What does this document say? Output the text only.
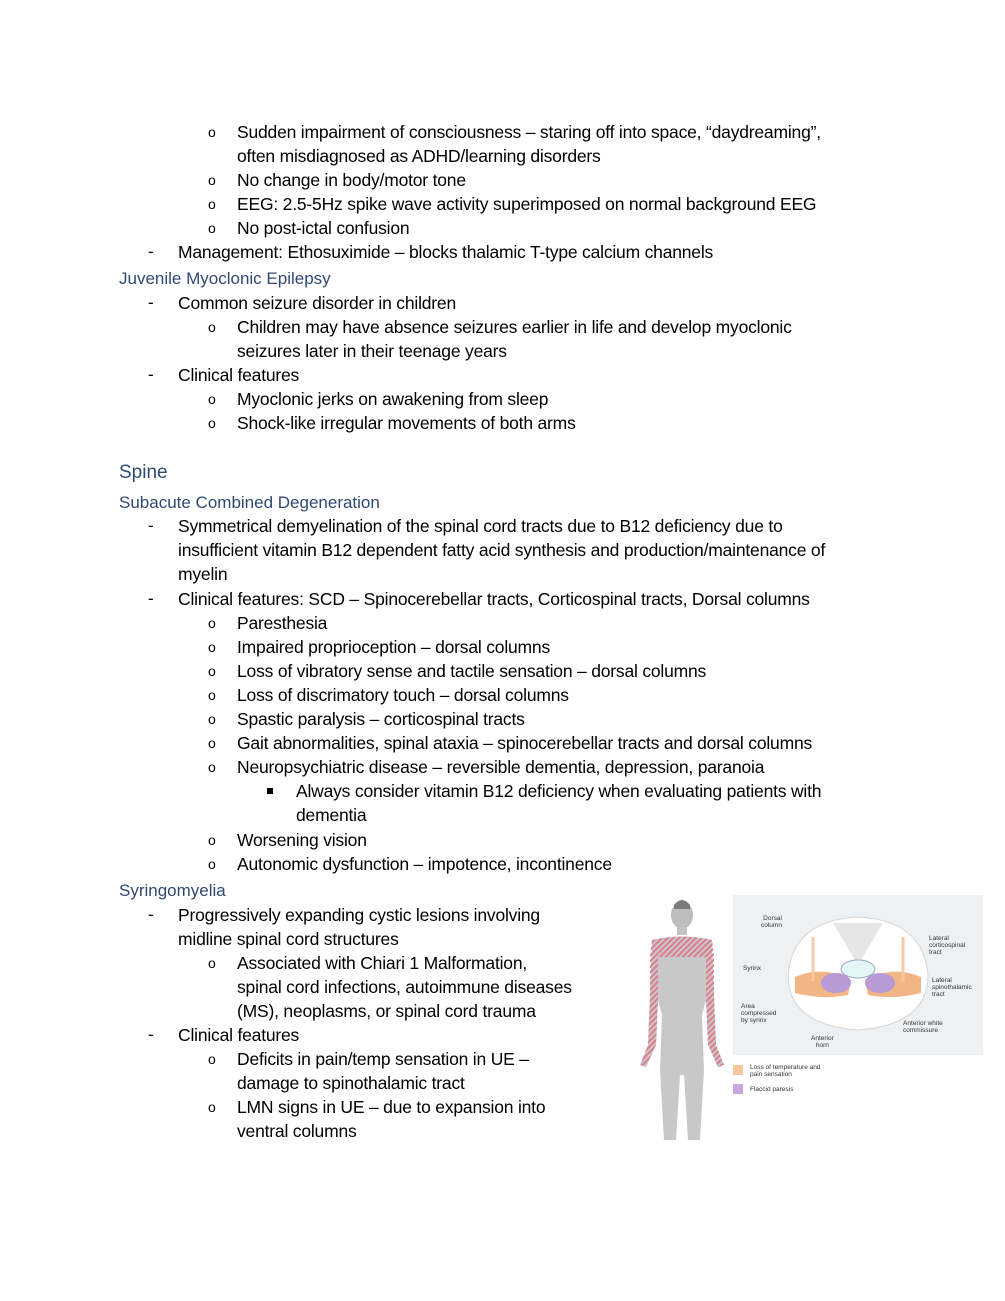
o Sudden impairment of consciousness – staring off into space, “daydreaming”,
often misdiagnosed as ADHD/learning disorders
o No change in body/motor tone
o EEG: 2.5-5Hz spike wave activity superimposed on normal background EEG
o No post-ictal confusion
-	Management: Ethosuximide – blocks thalamic T-type calcium channels
Juvenile Myoclonic Epilepsy
-	Common seizure disorder in children
o Children may have absence seizures earlier in life and develop myoclonic
seizures later in their teenage years
-	Clinical features
o Myoclonic jerks on awakening from sleep
o Shock-like irregular movements of both arms
Spine
Subacute Combined Degeneration
-	Symmetrical demyelination of the spinal cord tracts due to B12 deficiency due to
insufficient vitamin B12 dependent fatty acid synthesis and production/maintenance of
myelin
-	Clinical features: SCD – Spinocerebellar tracts, Corticospinal tracts, Dorsal columns
o Paresthesia
o Impaired proprioception – dorsal columns
o Loss of vibratory sense and tactile sensation – dorsal columns
o Loss of discrimatory touch – dorsal columns
o Spastic paralysis – corticospinal tracts
o Gait abnormalities, spinal ataxia – spinocerebellar tracts and dorsal columns
o Neuropsychiatric disease – reversible dementia, depression, paranoia
Always consider vitamin B12 deficiency when evaluating patients with
dementia
o Worsening vision
o Autonomic dysfunction – impotence, incontinence
Syringomyelia
-	Progressively expanding cystic lesions involving
midline spinal cord structures
o Associated with Chiari 1 Malformation,
spinal cord infections, autoimmune diseases
(MS), neoplasms, or spinal cord trauma
-	Clinical features
o Deficits in pain/temp sensation in UE –
damage to spinothalamic tract
o LMN signs in UE – due to expansion into
ventral columns
Dorsal
column
Syrinx
Area
compressed
by syrinx
Anterior
horn
Lateral
corticospinal
tract
Lateral
spinothalamic
tract
Anterior white
commissure
Loss of temperature and
pain sensation
Flaccid paresis
